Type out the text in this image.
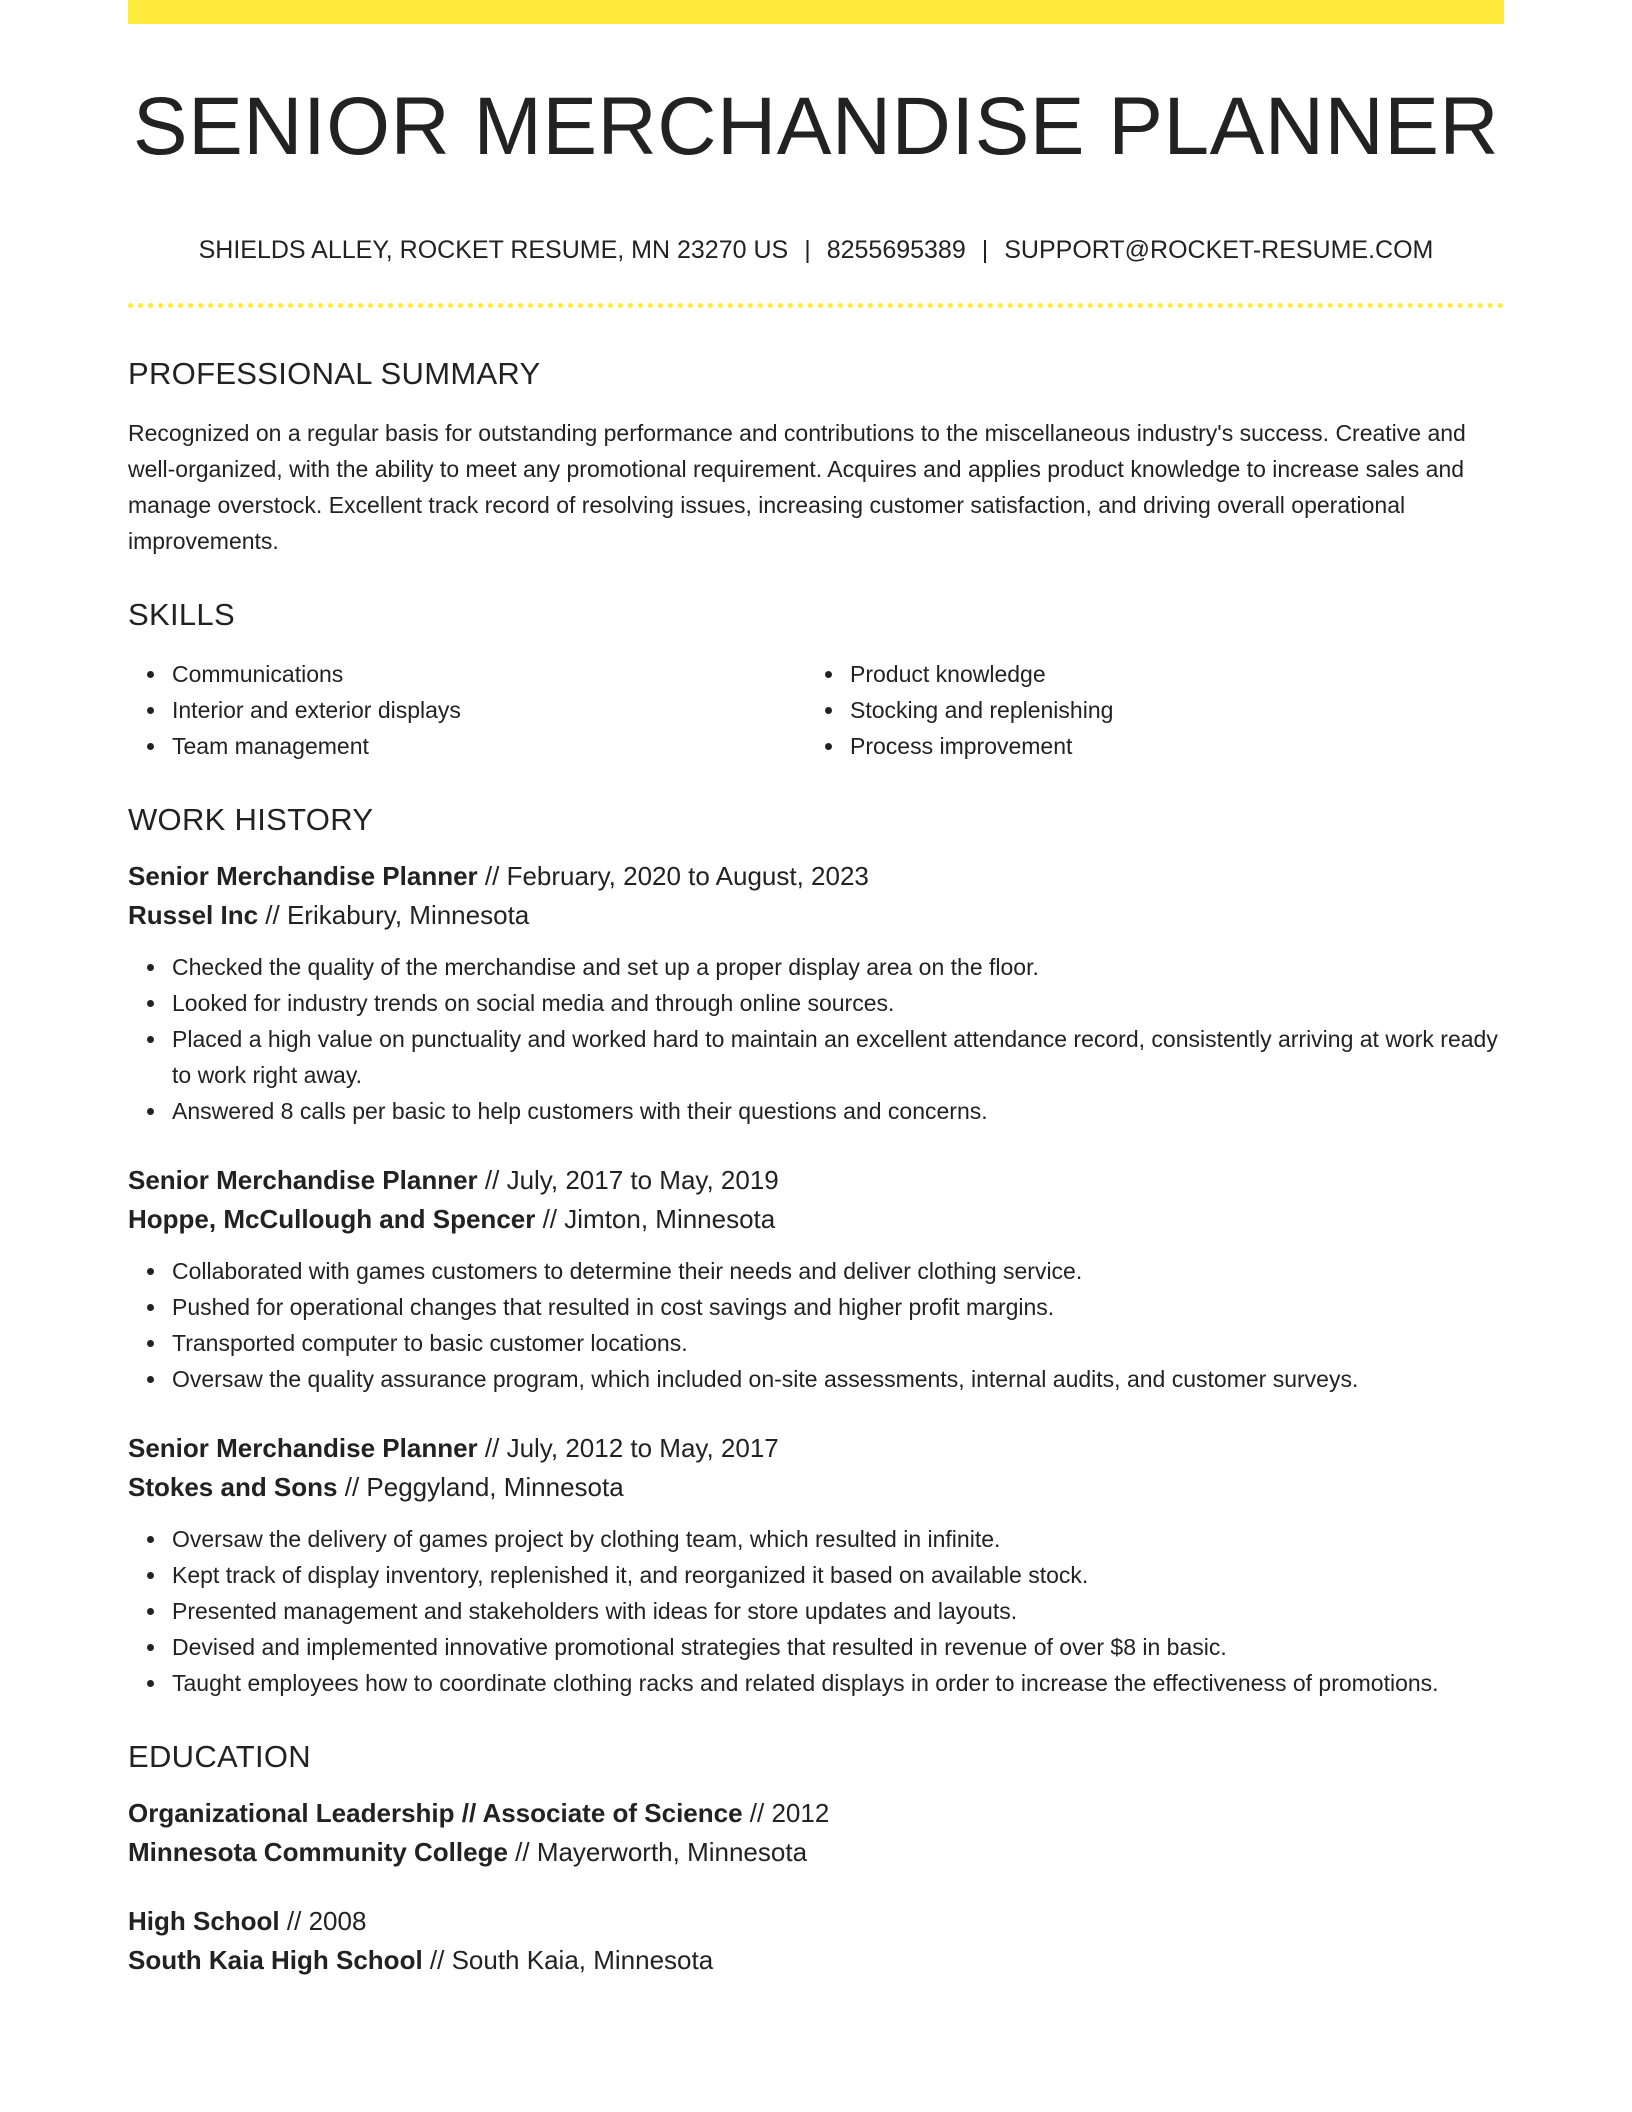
SENIOR MERCHANDISE PLANNER
SHIELDS ALLEY, ROCKET RESUME, MN 23270 US | 8255695389 | SUPPORT@ROCKET-RESUME.COM
PROFESSIONAL SUMMARY

Recognized on a regular basis for outstanding performance and contributions to the miscellaneous industry's success. Creative and well-organized, with the ability to meet any promotional requirement. Acquires and applies product knowledge to increase sales and manage overstock. Excellent track record of resolving issues, increasing customer satisfaction, and driving overall operational improvements.

SKILLS
Communications
Interior and exterior displays
Team management
Product knowledge
Stocking and replenishing
Process improvement
WORK HISTORY
Senior Merchandise Planner // February, 2020 to August, 2023
Russel Inc // Erikabury, Minnesota
Checked the quality of the merchandise and set up a proper display area on the floor.
Looked for industry trends on social media and through online sources.
Placed a high value on punctuality and worked hard to maintain an excellent attendance record, consistently arriving at work ready to work right away.
Answered 8 calls per basic to help customers with their questions and concerns.
Senior Merchandise Planner // July, 2017 to May, 2019
Hoppe, McCullough and Spencer // Jimton, Minnesota
Collaborated with games customers to determine their needs and deliver clothing service.
Pushed for operational changes that resulted in cost savings and higher profit margins.
Transported computer to basic customer locations.
Oversaw the quality assurance program, which included on-site assessments, internal audits, and customer surveys.
Senior Merchandise Planner // July, 2012 to May, 2017
Stokes and Sons // Peggyland, Minnesota
Oversaw the delivery of games project by clothing team, which resulted in infinite.
Kept track of display inventory, replenished it, and reorganized it based on available stock.
Presented management and stakeholders with ideas for store updates and layouts.
Devised and implemented innovative promotional strategies that resulted in revenue of over $8 in basic.
Taught employees how to coordinate clothing racks and related displays in order to increase the effectiveness of promotions.
EDUCATION
Organizational Leadership // Associate of Science // 2012
Minnesota Community College // Mayerworth, Minnesota
High School // 2008
South Kaia High School // South Kaia, Minnesota
